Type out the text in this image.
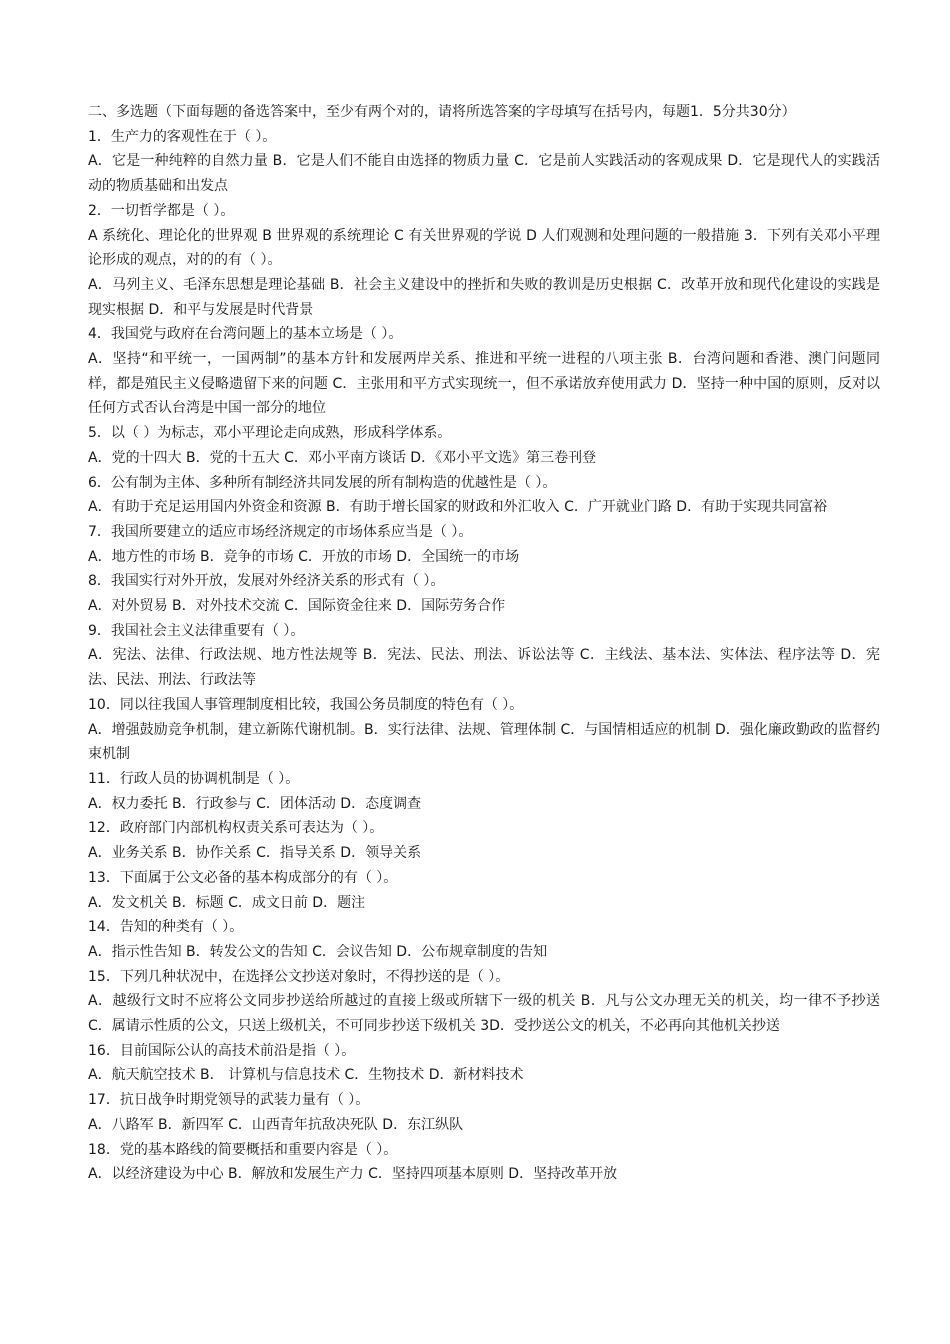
二、多选题（下面每题的备选答案中，至少有两个对的，请将所选答案的字母填写在括号内，每题1．5分共30分）
1．生产力的客观性在于（ ）。
A．它是一种纯粹的自然力量 B．它是人们不能自由选择的物质力量 C．它是前人实践活动的客观成果 D．它是现代人的实践活动的物质基础和出发点
2．一切哲学都是（ ）。
A 系统化、理论化的世界观 B 世界观的系统理论 C 有关世界观的学说 D 人们观测和处理问题的一般措施 3．下列有关邓小平理论形成的观点，对的的有（ ）。
A．马列主义、毛泽东思想是理论基础 B．社会主义建设中的挫折和失败的教训是历史根据 C．改革开放和现代化建设的实践是现实根据 D．和平与发展是时代背景
4．我国党与政府在台湾问题上的基本立场是（ ）。
A．坚持“和平统一，一国两制”的基本方针和发展两岸关系、推进和平统一进程的八项主张 B．台湾问题和香港、澳门问题同样，都是殖民主义侵略遗留下来的问题 C．主张用和平方式实现统一，但不承诺放弃使用武力 D．坚持一种中国的原则，反对以任何方式否认台湾是中国一部分的地位
5．以（ ）为标志，邓小平理论走向成熟，形成科学体系。
A．党的十四大 B．党的十五大 C．邓小平南方谈话 D．《邓小平文选》第三卷刊登
6．公有制为主体、多种所有制经济共同发展的所有制构造的优越性是（ ）。
A．有助于充足运用国内外资金和资源 B．有助于增长国家的财政和外汇收入 C．广开就业门路 D．有助于实现共同富裕
7．我国所要建立的适应市场经济规定的市场体系应当是（ ）。
A．地方性的市场 B．竞争的市场 C．开放的市场 D．全国统一的市场
8．我国实行对外开放，发展对外经济关系的形式有（ ）。
A．对外贸易 B．对外技术交流 C．国际资金往来 D．国际劳务合作
9．我国社会主义法律重要有（ ）。
A．宪法、法律、行政法规、地方性法规等 B．宪法、民法、刑法、诉讼法等 C．主线法、基本法、实体法、程序法等 D．宪法、民法、刑法、行政法等
10．同以往我国人事管理制度相比较，我国公务员制度的特色有（ ）。
A．增强鼓励竞争机制，建立新陈代谢机制。B．实行法律、法规、管理体制 C．与国情相适应的机制 D．强化廉政勤政的监督约束机制
11．行政人员的协调机制是（ ）。
A．权力委托 B．行政参与 C．团体活动 D．态度调查
12．政府部门内部机构权责关系可表达为（ ）。
A．业务关系 B．协作关系 C．指导关系 D．领导关系
13．下面属于公文必备的基本构成部分的有（ ）。
A．发文机关 B．标题 C．成文日前 D．题注
14．告知的种类有（ ）。
A．指示性告知 B．转发公文的告知 C．会议告知 D．公布规章制度的告知
15．下列几种状况中，在选择公文抄送对象时，不得抄送的是（ ）。
A．越级行文时不应将公文同步抄送给所越过的直接上级或所辖下一级的机关 B．凡与公文办理无关的机关，均一律不予抄送 C．属请示性质的公文，只送上级机关，不可同步抄送下级机关 3D．受抄送公文的机关，不必再向其他机关抄送
16．目前国际公认的高技术前沿是指（ ）。
A．航天航空技术 B． 计算机与信息技术 C．生物技术 D．新材料技术
17．抗日战争时期党领导的武装力量有（ ）。
A．八路军 B．新四军 C．山西青年抗敌决死队 D．东江纵队
18．党的基本路线的简要概括和重要内容是（ ）。
A．以经济建设为中心 B．解放和发展生产力 C．坚持四项基本原则 D．坚持改革开放
